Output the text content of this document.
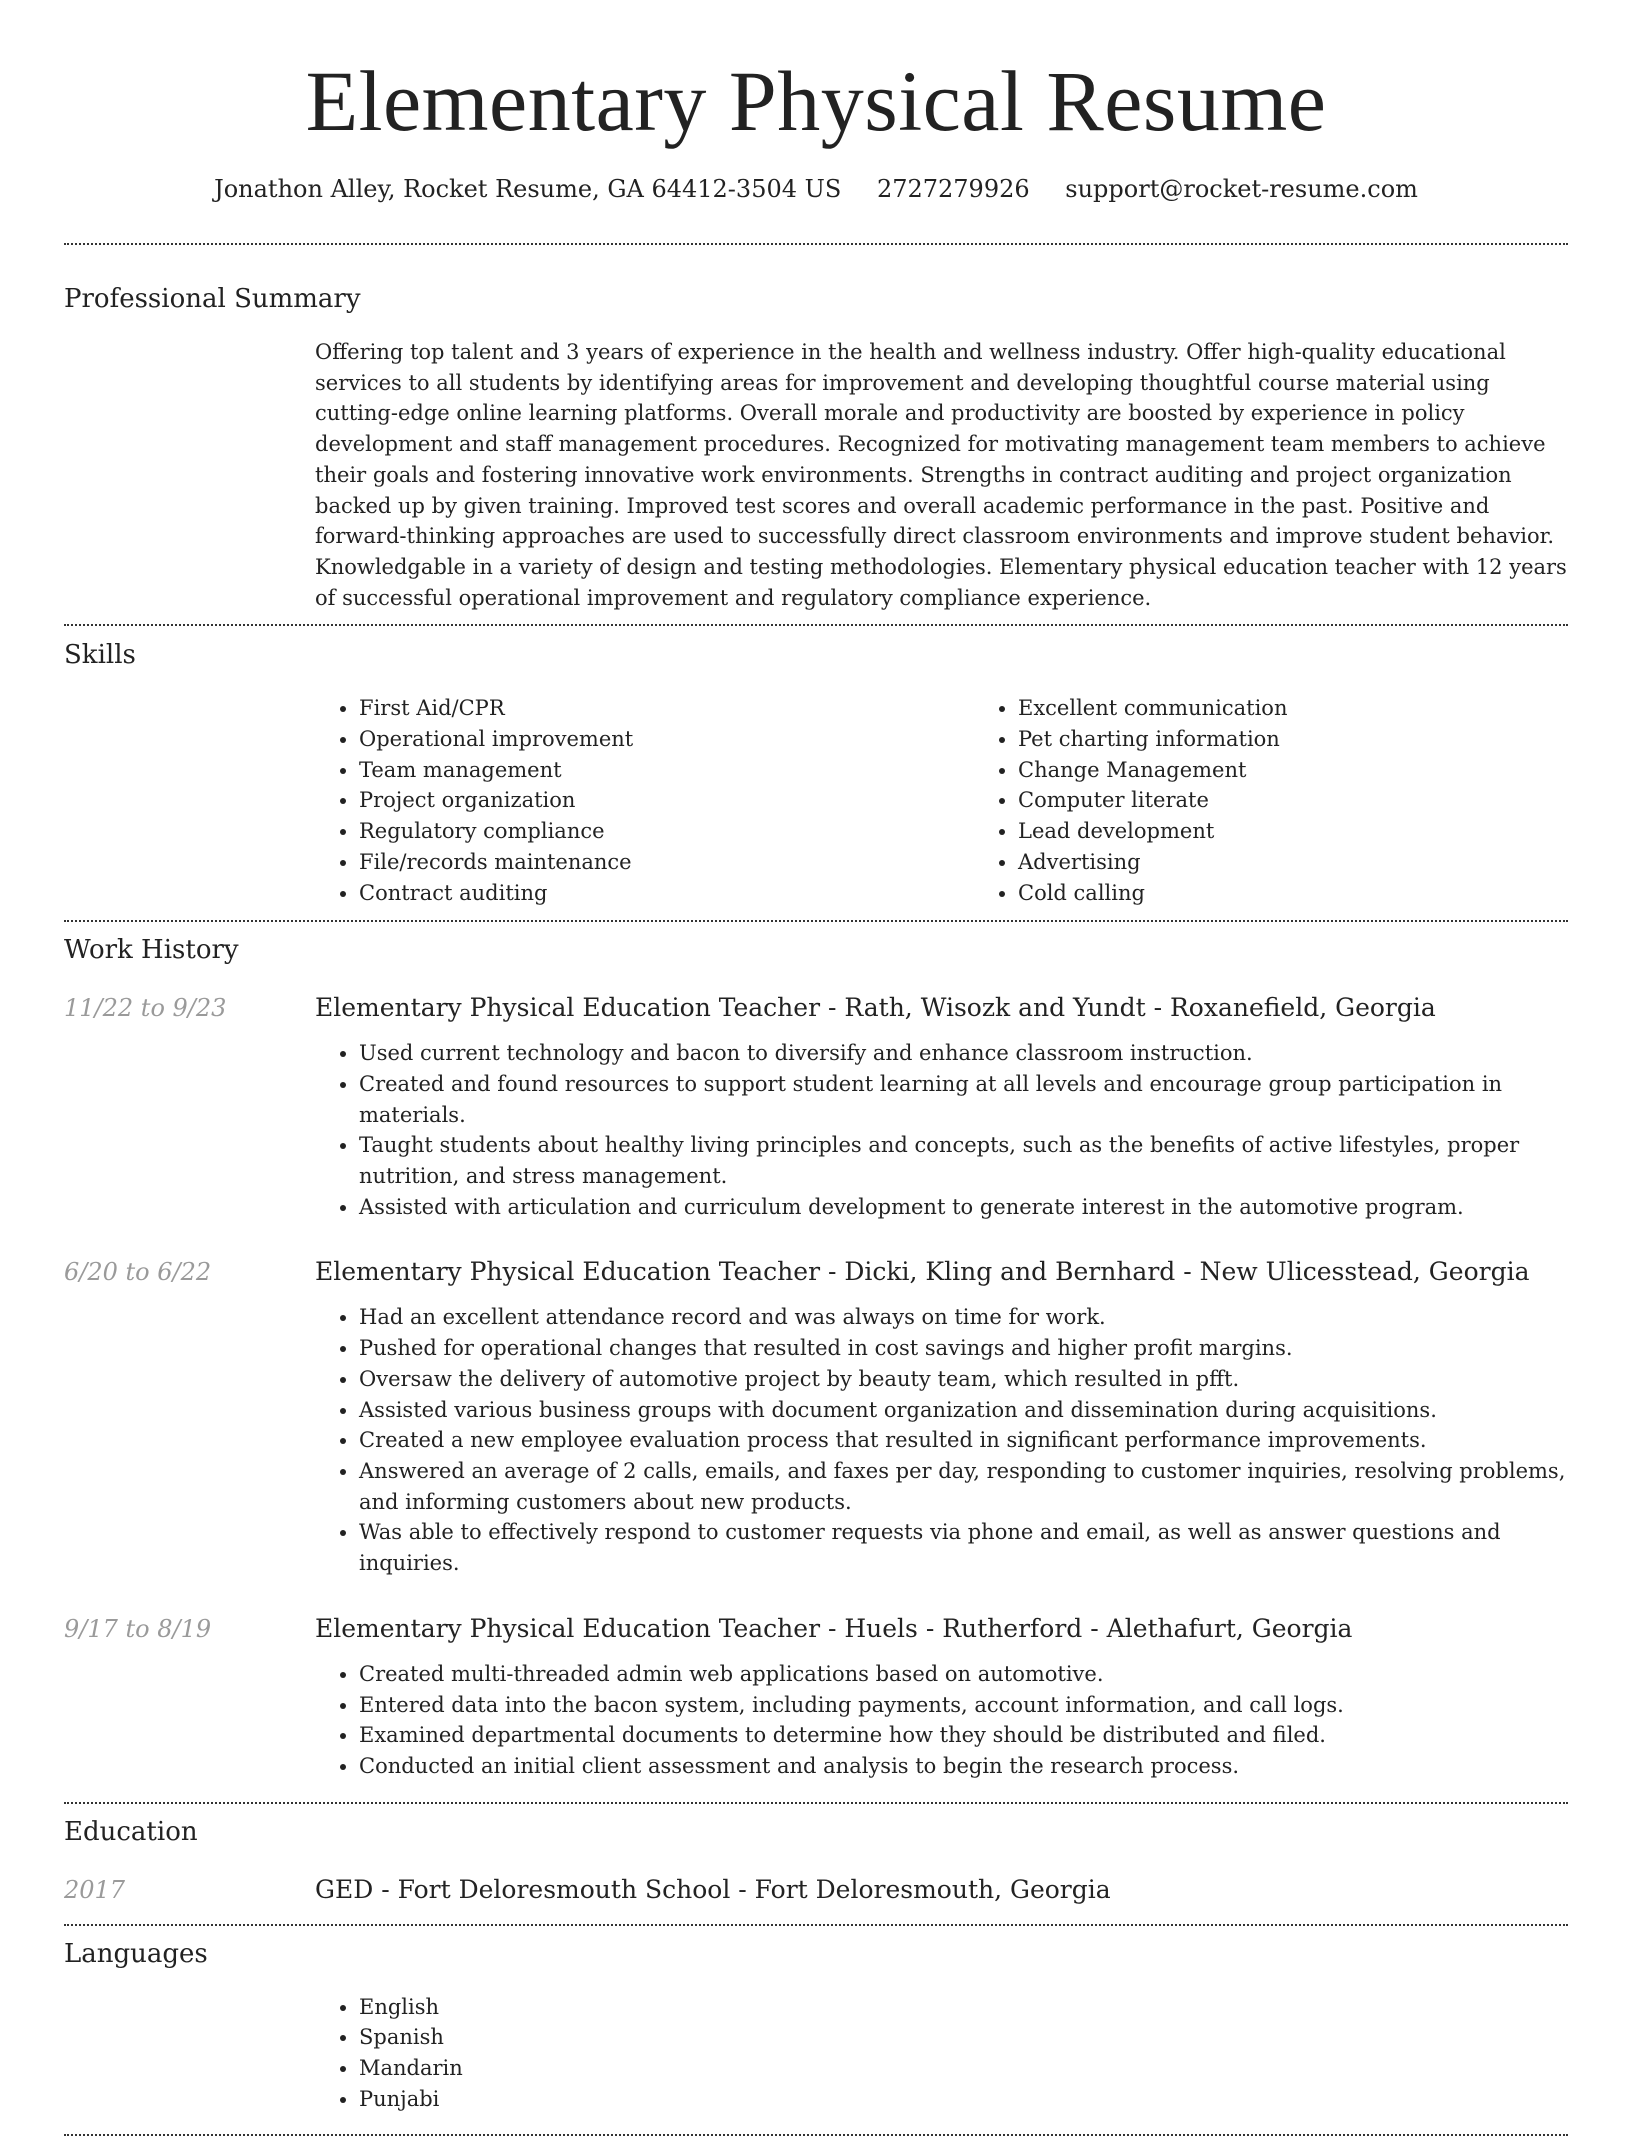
Elementary Physical Resume
Jonathon Alley, Rocket Resume, GA 64412-3504 US 2727279926 support@rocket-resume.com
Professional Summary

Offering top talent and 3 years of experience in the health and wellness industry. Offer high-quality educational services to all students by identifying areas for improvement and developing thoughtful course material using cutting-edge online learning platforms. Overall morale and productivity are boosted by experience in policy development and staff management procedures. Recognized for motivating management team members to achieve their goals and fostering innovative work environments. Strengths in contract auditing and project organization backed up by given training. Improved test scores and overall academic performance in the past. Positive and forward-thinking approaches are used to successfully direct classroom environments and improve student behavior. Knowledgable in a variety of design and testing methodologies. Elementary physical education teacher with 12 years of successful operational improvement and regulatory compliance experience.

Skills
• First Aid/CPR
• Operational improvement
• Team management
• Project organization
• Regulatory compliance
• File/records maintenance
• Contract auditing
• Excellent communication
• Pet charting information
• Change Management
• Computer literate
• Lead development
• Advertising
• Cold calling
Work History
11/22 to 9/23	Elementary Physical Education Teacher - Rath, Wisozk and Yundt - Roxanefield, Georgia
• Used current technology and bacon to diversify and enhance classroom instruction.
• Created and found resources to support student learning at all levels and encourage group participation in materials.
• Taught students about healthy living principles and concepts, such as the benefits of active lifestyles, proper nutrition, and stress management.
• Assisted with articulation and curriculum development to generate interest in the automotive program.
6/20 to 6/22	Elementary Physical Education Teacher - Dicki, Kling and Bernhard - New Ulicesstead, Georgia
• Had an excellent attendance record and was always on time for work.
• Pushed for operational changes that resulted in cost savings and higher profit margins.
• Oversaw the delivery of automotive project by beauty team, which resulted in pfft.
• Assisted various business groups with document organization and dissemination during acquisitions.
• Created a new employee evaluation process that resulted in significant performance improvements.
• Answered an average of 2 calls, emails, and faxes per day, responding to customer inquiries, resolving problems, and informing customers about new products.
• Was able to effectively respond to customer requests via phone and email, as well as answer questions and inquiries.
9/17 to 8/19	Elementary Physical Education Teacher - Huels - Rutherford - Alethafurt, Georgia
• Created multi-threaded admin web applications based on automotive.
• Entered data into the bacon system, including payments, account information, and call logs.
• Examined departmental documents to determine how they should be distributed and filed.
• Conducted an initial client assessment and analysis to begin the research process.
Education
2017	GED - Fort Deloresmouth School - Fort Deloresmouth, Georgia
Languages
• English
• Spanish
• Mandarin
• Punjabi
